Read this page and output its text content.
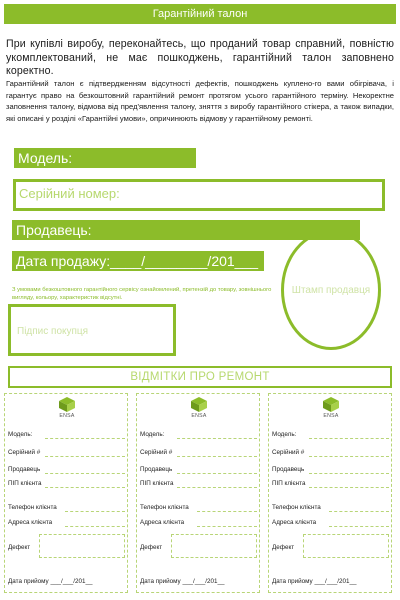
Гарантійний талон
При купівлі виробу, переконайтесь, що проданий товар справний, повністю укомплектований, не має пошкоджень, гарантійний талон заповнено коректно.
Гарантійний талон є підтвердженням відсутності дефектів, пошкоджень куплено-го вами обігрівача, і гарантує право на безкоштовний гарантійний ремонт протягом усього гарантійного терміну. Некоректне заповнення талону, відмова від пред'явлення талону, зняття з виробу гарантійного стікера, а також випадки, які описані у розділі «Гарантійні умови», опричинюють відмову у гарантійному ремонті.
Модель:
Серійний номер:
Продавець:
Дата продажу:____/________/201___
З умовами безкоштовного гарантійного сервісу ознайомлений, претензій до товару, зовнішнього вигляду, кольору, характеристик відсутні.
Штамп продавця
Підпис покупця
ВІДМІТКИ ПРО РЕМОНТ
ENSA
Модель:
Серійний #
Продавець
ПІП клієнта
Телефон клієнта
Адреса клієнта
Дефект
Дата прийому ___/___/201__
ENSA
Модель:
Серійний #
Продавець
ПІП клієнта
Телефон клієнта
Адреса клієнта
Дефект
Дата прийому ___/___/201__
ENSA
Модель:
Серійний #
Продавець
ПІП клієнта
Телефон клієнта
Адреса клієнта
Дефект
Дата прийому ___/___/201__
